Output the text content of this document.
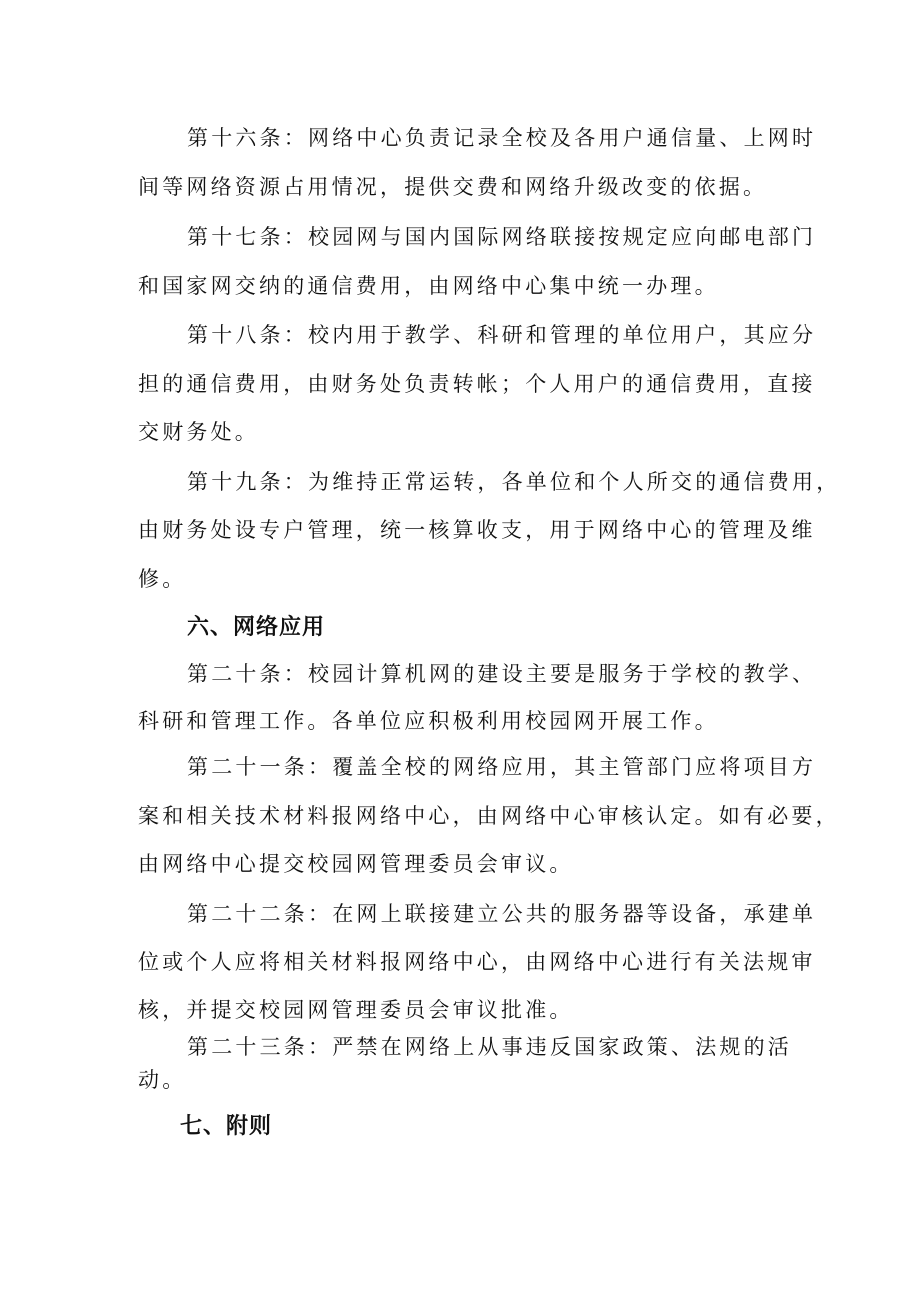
第十六条：网络中心负责记录全校及各用户通信量、上网时
间等网络资源占用情况，提供交费和网络升级改变的依据。
第十七条：校园网与国内国际网络联接按规定应向邮电部门
和国家网交纳的通信费用，由网络中心集中统一办理。
第十八条：校内用于教学、科研和管理的单位用户，其应分
担的通信费用，由财务处负责转帐；个人用户的通信费用，直接
交财务处。
第十九条：为维持正常运转，各单位和个人所交的通信费用，
由财务处设专户管理，统一核算收支，用于网络中心的管理及维
修。
六、网络应用
第二十条：校园计算机网的建设主要是服务于学校的教学、
科研和管理工作。各单位应积极利用校园网开展工作。
第二十一条：覆盖全校的网络应用，其主管部门应将项目方
案和相关技术材料报网络中心，由网络中心审核认定。如有必要，
由网络中心提交校园网管理委员会审议。
第二十二条：在网上联接建立公共的服务器等设备，承建单
位或个人应将相关材料报网络中心，由网络中心进行有关法规审
核，并提交校园网管理委员会审议批准。
第二十三条：严禁在网络上从事违反国家政策、法规的活
动。
七、附则
